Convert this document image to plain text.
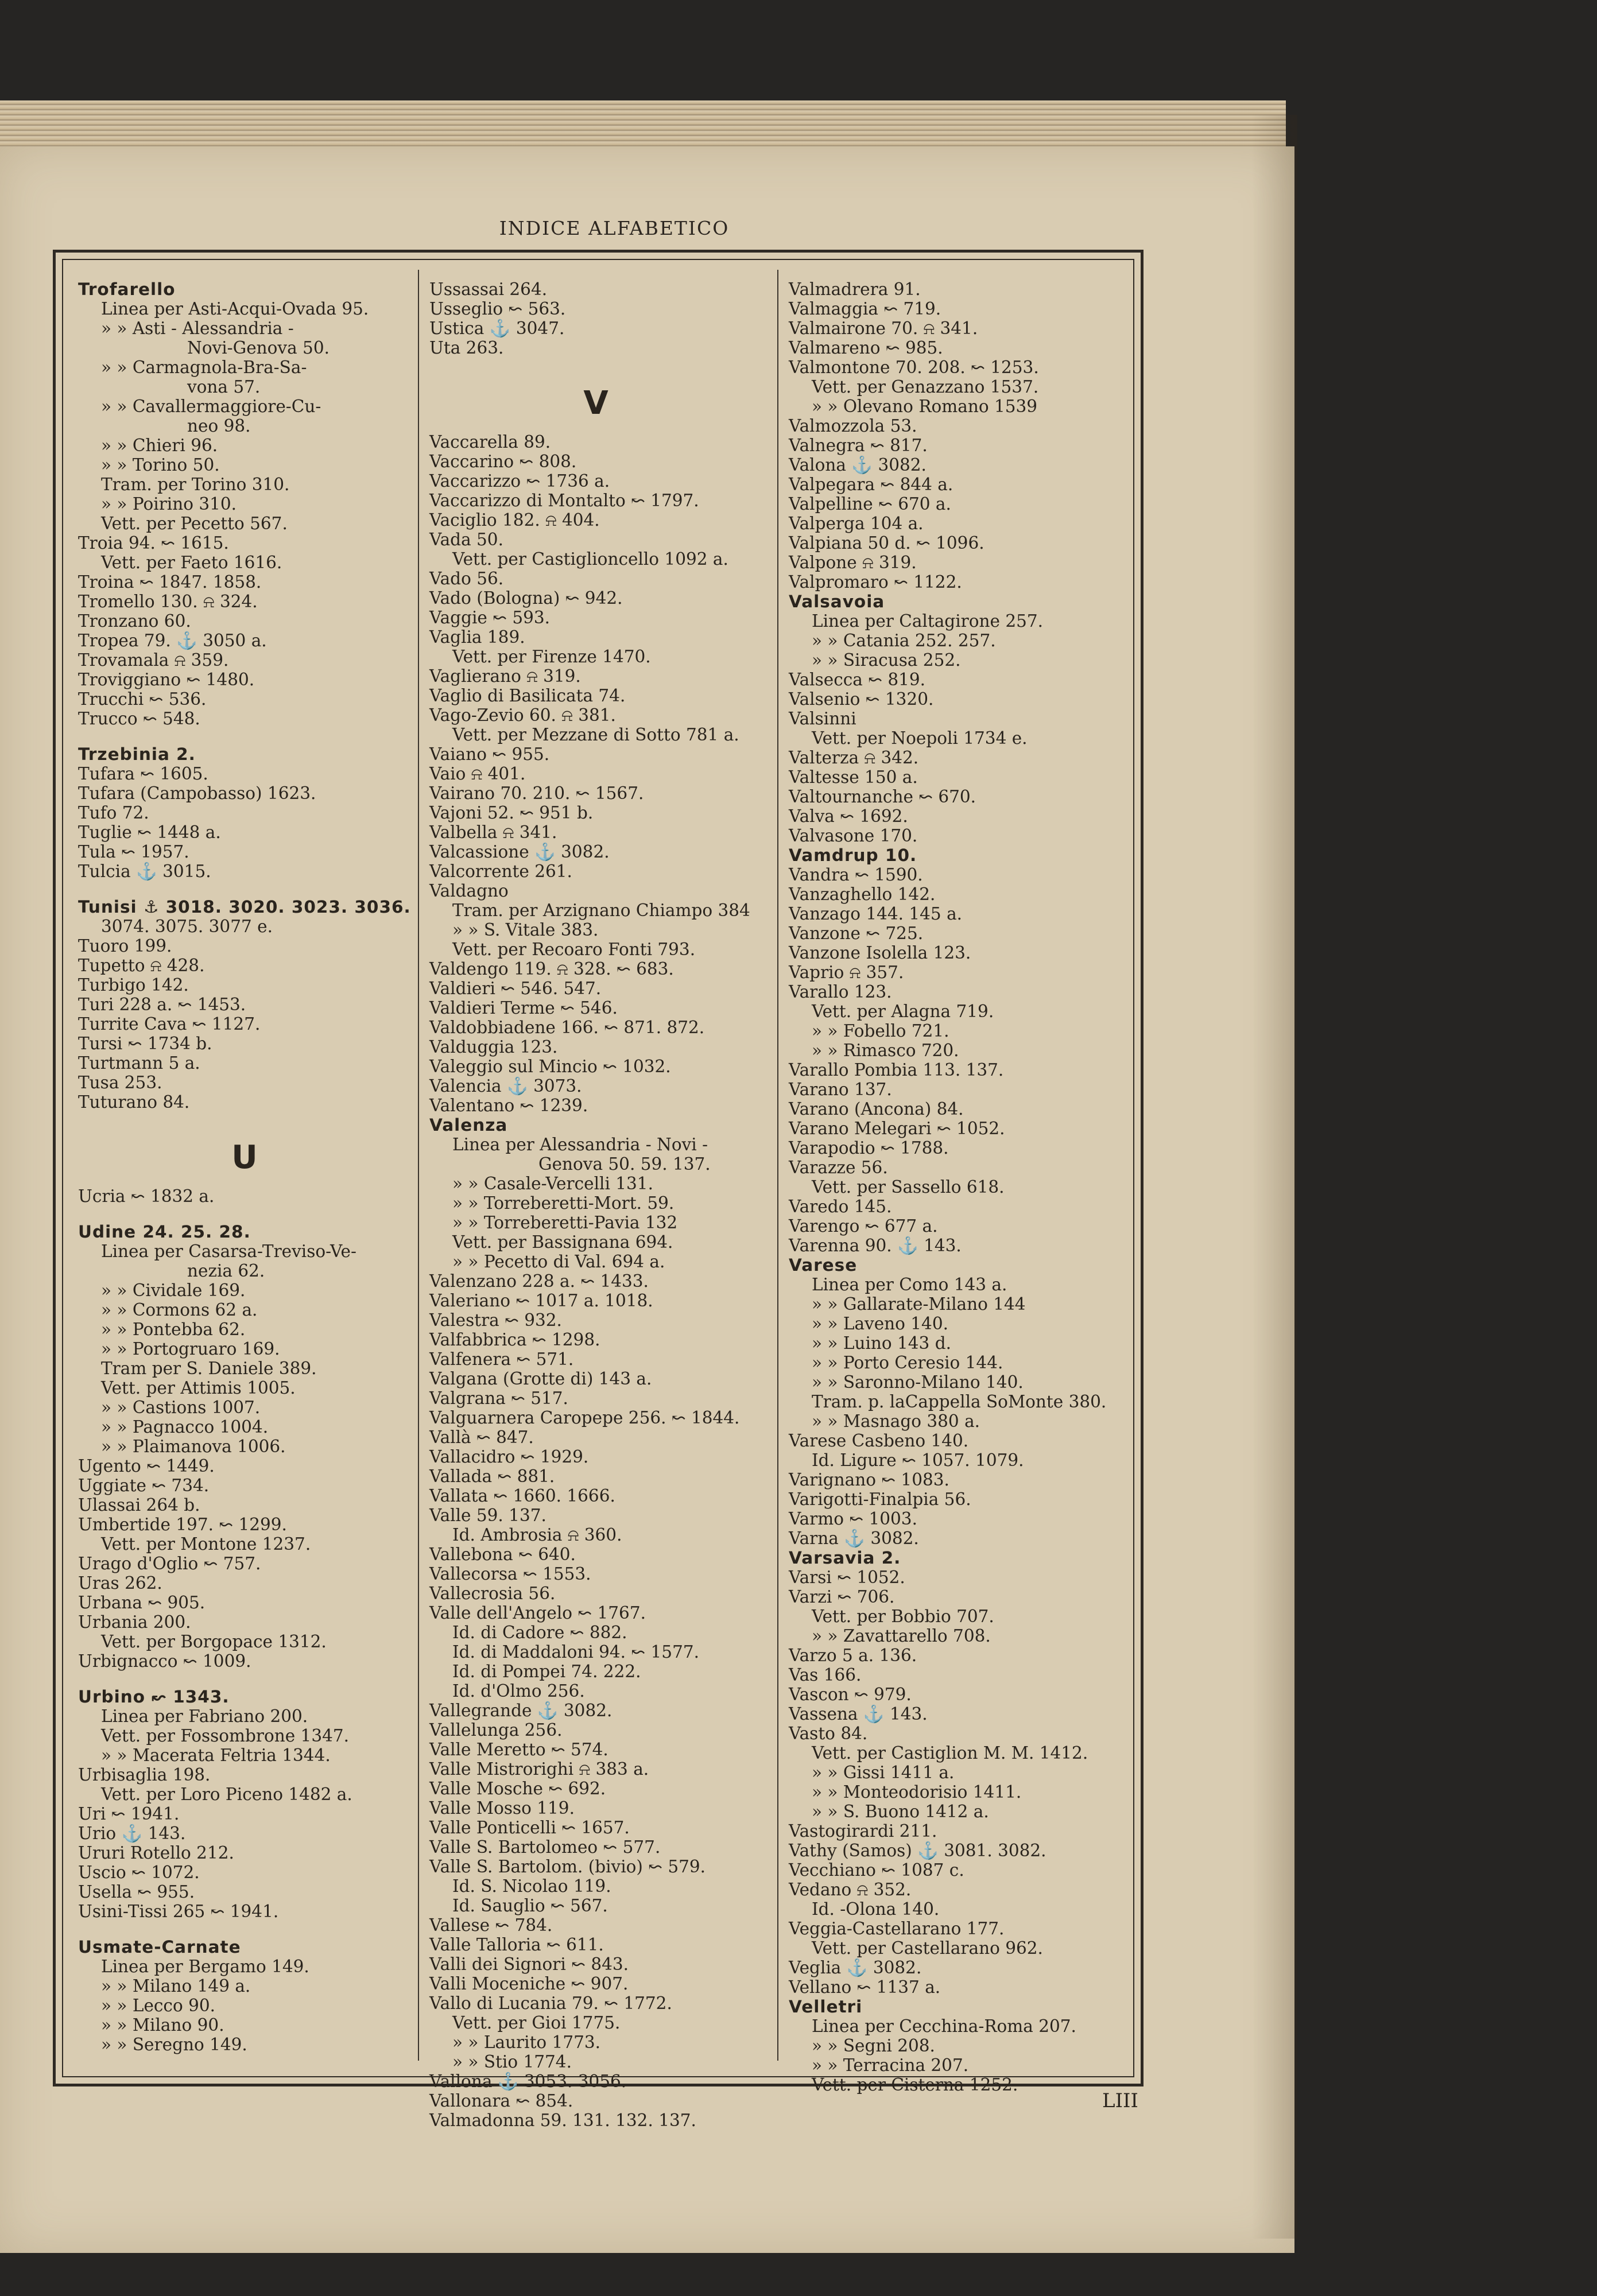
INDICE ALFABETICO
Trofarello
Linea per Asti-Acqui-Ovada 95.
» » Asti - Alessandria -
Novi-Genova 50.
» » Carmagnola-Bra-Sa-
vona 57.
» » Cavallermaggiore-Cu-
neo 98.
» » Chieri 96.
» » Torino 50.
Tram. per Torino 310.
» » Poirino 310.
Vett. per Pecetto 567.
Troia 94. ↜ 1615.
Vett. per Faeto 1616.
Troina ↜ 1847. 1858.
Tromello 130. ⍾ 324.
Tronzano 60.
Tropea 79. ⚓ 3050 a.
Trovamala ⍾ 359.
Troviggiano ↜ 1480.
Trucchi ↜ 536.
Trucco ↜ 548.
Trzebinia 2.
Tufara ↜ 1605.
Tufara (Campobasso) 1623.
Tufo 72.
Tuglie ↜ 1448 a.
Tula ↜ 1957.
Tulcia ⚓ 3015.
Tunisi ⚓ 3018. 3020. 3023. 3036.
3074. 3075. 3077 e.
Tuoro 199.
Tupetto ⍾ 428.
Turbigo 142.
Turi 228 a. ↜ 1453.
Turrite Cava ↜ 1127.
Tursi ↜ 1734 b.
Turtmann 5 a.
Tusa 253.
Tuturano 84.
U
Ucria ↜ 1832 a.
Udine 24. 25. 28.
Linea per Casarsa-Treviso-Ve-
nezia 62.
» » Cividale 169.
» » Cormons 62 a.
» » Pontebba 62.
» » Portogruaro 169.
Tram per S. Daniele 389.
Vett. per Attimis 1005.
» » Castions 1007.
» » Pagnacco 1004.
» » Plaimanova 1006.
Ugento ↜ 1449.
Uggiate ↜ 734.
Ulassai 264 b.
Umbertide 197. ↜ 1299.
Vett. per Montone 1237.
Urago d'Oglio ↜ 757.
Uras 262.
Urbana ↜ 905.
Urbania 200.
Vett. per Borgopace 1312.
Urbignacco ↜ 1009.
Urbino ↜ 1343.
Linea per Fabriano 200.
Vett. per Fossombrone 1347.
» » Macerata Feltria 1344.
Urbisaglia 198.
Vett. per Loro Piceno 1482 a.
Uri ↜ 1941.
Urio ⚓ 143.
Ururi Rotello 212.
Uscio ↜ 1072.
Usella ↜ 955.
Usini-Tissi 265 ↜ 1941.
Usmate-Carnate
Linea per Bergamo 149.
» » Milano 149 a.
» » Lecco 90.
» » Milano 90.
» » Seregno 149.
Ussassai 264.
Usseglio ↜ 563.
Ustica ⚓ 3047.
Uta 263.
V
Vaccarella 89.
Vaccarino ↜ 808.
Vaccarizzo ↜ 1736 a.
Vaccarizzo di Montalto ↜ 1797.
Vaciglio 182. ⍾ 404.
Vada 50.
Vett. per Castiglioncello 1092 a.
Vado 56.
Vado (Bologna) ↜ 942.
Vaggie ↜ 593.
Vaglia 189.
Vett. per Firenze 1470.
Vaglierano ⍾ 319.
Vaglio di Basilicata 74.
Vago-Zevio 60. ⍾ 381.
Vett. per Mezzane di Sotto 781 a.
Vaiano ↜ 955.
Vaio ⍾ 401.
Vairano 70. 210. ↜ 1567.
Vajoni 52. ↜ 951 b.
Valbella ⍾ 341.
Valcassione ⚓ 3082.
Valcorrente 261.
Valdagno
Tram. per Arzignano Chiampo 384
» » S. Vitale 383.
Vett. per Recoaro Fonti 793.
Valdengo 119. ⍾ 328. ↜ 683.
Valdieri ↜ 546. 547.
Valdieri Terme ↜ 546.
Valdobbiadene 166. ↜ 871. 872.
Valduggia 123.
Valeggio sul Mincio ↜ 1032.
Valencia ⚓ 3073.
Valentano ↜ 1239.
Valenza
Linea per Alessandria - Novi -
Genova 50. 59. 137.
» » Casale-Vercelli 131.
» » Torreberetti-Mort. 59.
» » Torreberetti-Pavia 132
Vett. per Bassignana 694.
» » Pecetto di Val. 694 a.
Valenzano 228 a. ↜ 1433.
Valeriano ↜ 1017 a. 1018.
Valestra ↜ 932.
Valfabbrica ↜ 1298.
Valfenera ↜ 571.
Valgana (Grotte di) 143 a.
Valgrana ↜ 517.
Valguarnera Caropepe 256. ↜ 1844.
Vallà ↜ 847.
Vallacidro ↜ 1929.
Vallada ↜ 881.
Vallata ↜ 1660. 1666.
Valle 59. 137.
Id. Ambrosia ⍾ 360.
Vallebona ↜ 640.
Vallecorsa ↜ 1553.
Vallecrosia 56.
Valle dell'Angelo ↜ 1767.
Id. di Cadore ↜ 882.
Id. di Maddaloni 94. ↜ 1577.
Id. di Pompei 74. 222.
Id. d'Olmo 256.
Vallegrande ⚓ 3082.
Vallelunga 256.
Valle Meretto ↜ 574.
Valle Mistrorighi ⍾ 383 a.
Valle Mosche ↜ 692.
Valle Mosso 119.
Valle Ponticelli ↜ 1657.
Valle S. Bartolomeo ↜ 577.
Valle S. Bartolom. (bivio) ↜ 579.
Id. S. Nicolao 119.
Id. Sauglio ↜ 567.
Vallese ↜ 784.
Valle Talloria ↜ 611.
Valli dei Signori ↜ 843.
Valli Moceniche ↜ 907.
Vallo di Lucania 79. ↜ 1772.
Vett. per Gioi 1775.
» » Laurito 1773.
» » Stio 1774.
Vallona ⚓ 3053. 3056.
Vallonara ↜ 854.
Valmadonna 59. 131. 132. 137.
Valmadrera 91.
Valmaggia ↜ 719.
Valmairone 70. ⍾ 341.
Valmareno ↜ 985.
Valmontone 70. 208. ↜ 1253.
Vett. per Genazzano 1537.
» » Olevano Romano 1539
Valmozzola 53.
Valnegra ↜ 817.
Valona ⚓ 3082.
Valpegara ↜ 844 a.
Valpelline ↜ 670 a.
Valperga 104 a.
Valpiana 50 d. ↜ 1096.
Valpone ⍾ 319.
Valpromaro ↜ 1122.
Valsavoia
Linea per Caltagirone 257.
» » Catania 252. 257.
» » Siracusa 252.
Valsecca ↜ 819.
Valsenio ↜ 1320.
Valsinni
Vett. per Noepoli 1734 e.
Valterza ⍾ 342.
Valtesse 150 a.
Valtournanche ↜ 670.
Valva ↜ 1692.
Valvasone 170.
Vamdrup 10.
Vandra ↜ 1590.
Vanzaghello 142.
Vanzago 144. 145 a.
Vanzone ↜ 725.
Vanzone Isolella 123.
Vaprio ⍾ 357.
Varallo 123.
Vett. per Alagna 719.
» » Fobello 721.
» » Rimasco 720.
Varallo Pombia 113. 137.
Varano 137.
Varano (Ancona) 84.
Varano Melegari ↜ 1052.
Varapodio ↜ 1788.
Varazze 56.
Vett. per Sassello 618.
Varedo 145.
Varengo ↜ 677 a.
Varenna 90. ⚓ 143.
Varese
Linea per Como 143 a.
» » Gallarate-Milano 144
» » Laveno 140.
» » Luino 143 d.
» » Porto Ceresio 144.
» » Saronno-Milano 140.
Tram. p. laCappella SoMonte 380.
» » Masnago 380 a.
Varese Casbeno 140.
Id. Ligure ↜ 1057. 1079.
Varignano ↜ 1083.
Varigotti-Finalpia 56.
Varmo ↜ 1003.
Varna ⚓ 3082.
Varsavia 2.
Varsi ↜ 1052.
Varzi ↜ 706.
Vett. per Bobbio 707.
» » Zavattarello 708.
Varzo 5 a. 136.
Vas 166.
Vascon ↜ 979.
Vassena ⚓ 143.
Vasto 84.
Vett. per Castiglion M. M. 1412.
» » Gissi 1411 a.
» » Monteodorisio 1411.
» » S. Buono 1412 a.
Vastogirardi 211.
Vathy (Samos) ⚓ 3081. 3082.
Vecchiano ↜ 1087 c.
Vedano ⍾ 352.
Id. -Olona 140.
Veggia-Castellarano 177.
Vett. per Castellarano 962.
Veglia ⚓ 3082.
Vellano ↜ 1137 a.
Velletri
Linea per Cecchina-Roma 207.
» » Segni 208.
» » Terracina 207.
Vett. per Cisterna 1252.
LIII
